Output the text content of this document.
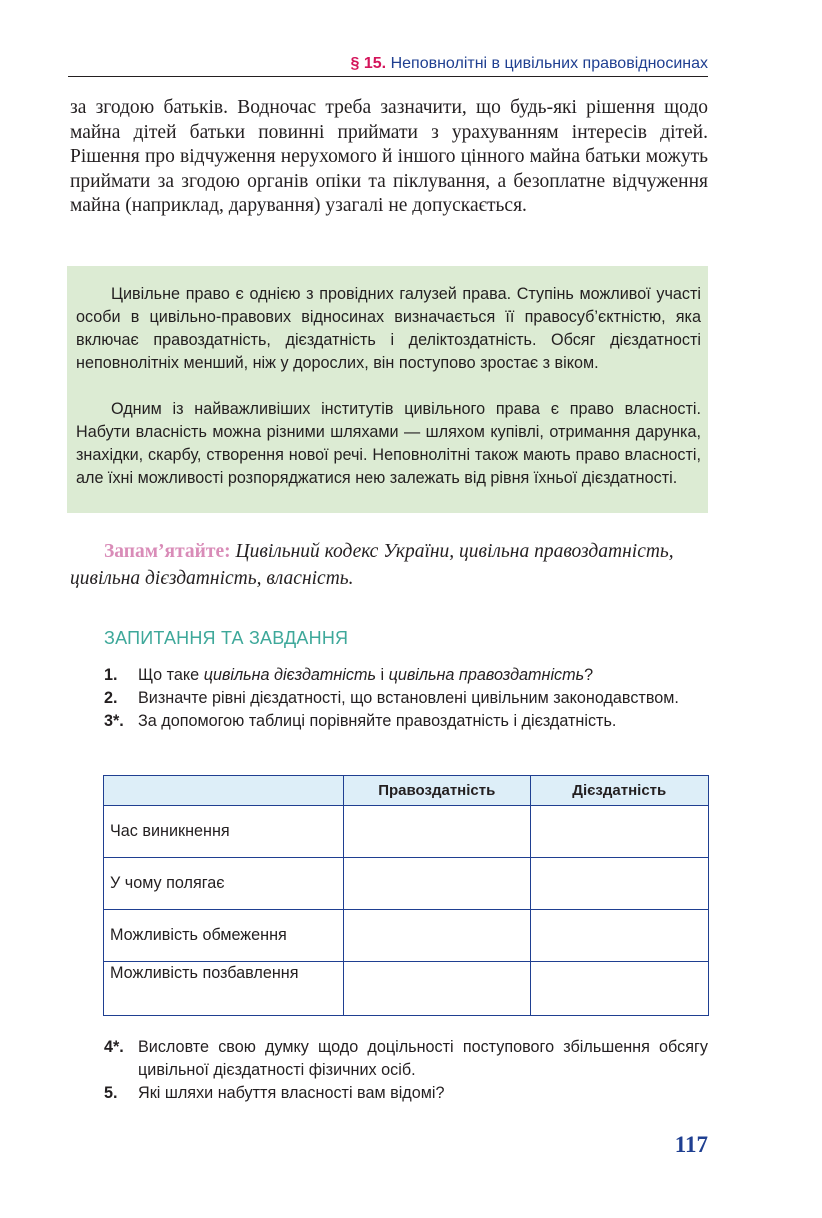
§ 15. Неповнолітні в цивільних правовідносинах

за згодою батьків. Водночас треба зазначити, що будь-які рішення щодо майна дітей батьки повинні приймати з урахуванням інтересів дітей. Рішення про відчуження нерухомого й іншого цінного майна батьки можуть приймати за згодою органів опіки та піклування, а безоплатне відчуження майна (наприклад, дарування) узагалі не допускається.

Цивільне право є однією з провідних галузей права. Ступінь можливої участі особи в цивільно-правових відносинах визначається її правосуб’єктністю, яка включає правоздатність, дієздатність і деліктоздатність. Обсяг дієздатності неповнолітніх менший, ніж у дорослих, він поступово зростає з віком.

Одним із найважливіших інститутів цивільного права є право власності. Набути власність можна різними шляхами — шляхом купівлі, отримання дарунка, знахідки, скарбу, створення нової речі. Неповнолітні також мають право власності, але їхні можливості розпоряджатися нею залежать від рівня їхньої дієздатності.

Запам’ятайте: Цивільний кодекс України, цивільна правоздатність, цивільна дієздатність, власність.

ЗАПИТАННЯ ТА ЗАВДАННЯ
1. Що таке цивільна дієздатність і цивільна правоздатність?
2. Визначте рівні дієздатності, що встановлені цивільним законодавством.
3*. За допомогою таблиці порівняйте правоздатність і дієздатність.
	Правоздатність	Дієздатність
Час виникнення		
У чому полягає		
Можливість обмеження		
Можливість позбавлення		
4*. Висловте свою думку щодо доцільності поступового збільшення обсягу цивільної дієздатності фізичних осіб.
5. Які шляхи набуття власності вам відомі?
117
